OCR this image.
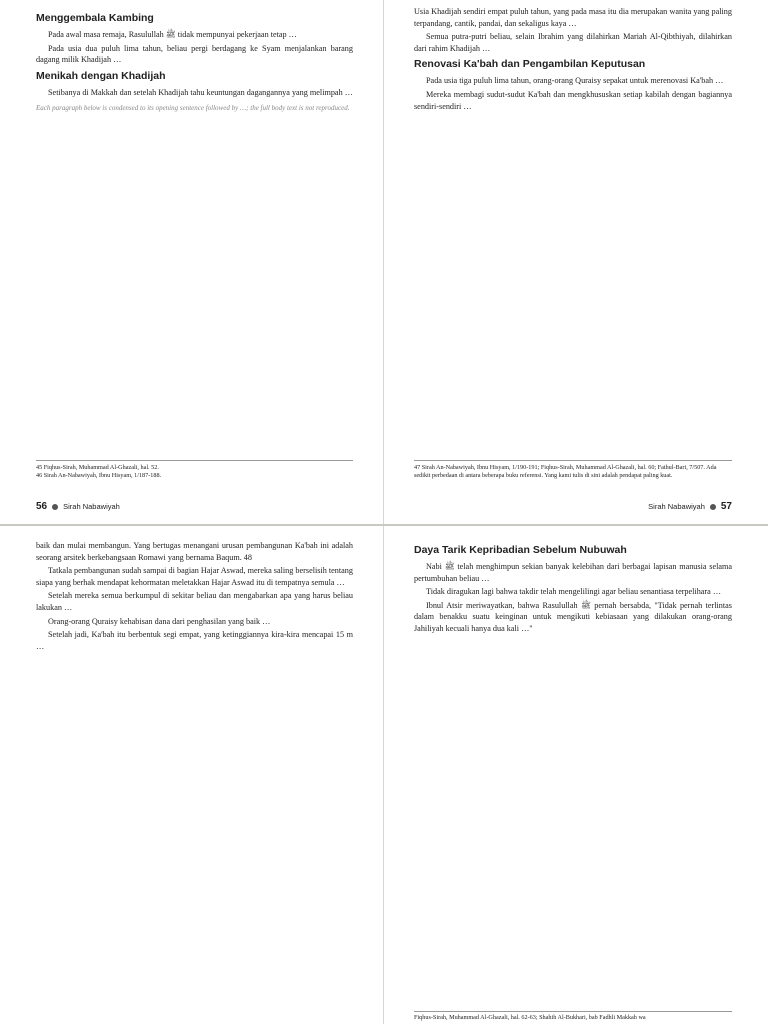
Menggembala Kambing

Pada awal masa remaja, Rasulullah ﷺ tidak mempunyai pekerjaan tetap …

Pada usia dua puluh lima tahun, beliau pergi berdagang ke Syam menjalankan barang dagang milik Khadijah …

Menikah dengan Khadijah

Setibanya di Makkah dan setelah Khadijah tahu keuntungan dagangannya yang melimpah …

Each paragraph below is condensed to its opening sentence followed by …; the full body text is not reproduced.

45 Fiqhus-Sirah, Muhammad Al-Ghazali, hal. 52.

46 Sirah An-Nabawiyah, Ibnu Hisyam, 1/187-188.

56 Sirah Nabawiyah

Usia Khadijah sendiri empat puluh tahun, yang pada masa itu dia merupakan wanita yang paling terpandang, cantik, pandai, dan sekaligus kaya …

Semua putra-putri beliau, selain Ibrahim yang dilahirkan Mariah Al-Qibthiyah, dilahirkan dari rahim Khadijah …

Renovasi Ka'bah dan Pengambilan Keputusan

Pada usia tiga puluh lima tahun, orang-orang Quraisy sepakat untuk merenovasi Ka'bah …

Mereka membagi sudut-sudut Ka'bah dan mengkhususkan setiap kabilah dengan bagiannya sendiri-sendiri …

47 Sirah An-Nabawiyah, Ibnu Hisyam, 1/190-191; Fiqhus-Sirah, Muhammad Al-Ghazali, hal. 60; Fathul-Bari, 7/507. Ada sedikit perbedaan di antara beberapa buku referensi. Yang kami tulis di sini adalah pendapat paling kuat.

Sirah Nabawiyah 57

baik dan mulai membangun. Yang bertugas menangani urusan pembangunan Ka'bah ini adalah seorang arsitek berkebangsaan Romawi yang bernama Baqum. 48

Tatkala pembangunan sudah sampai di bagian Hajar Aswad, mereka saling berselisih tentang siapa yang berhak mendapat kehormatan meletakkan Hajar Aswad itu di tempatnya semula …

Setelah mereka semua berkumpul di sekitar beliau dan mengabarkan apa yang harus beliau lakukan …

Orang-orang Quraisy kehabisan dana dari penghasilan yang baik …

Setelah jadi, Ka'bah itu berbentuk segi empat, yang ketinggiannya kira-kira mencapai 15 m …

Daya Tarik Kepribadian Sebelum Nubuwah

Nabi ﷺ telah menghimpun sekian banyak kelebihan dari berbagai lapisan manusia selama pertumbuhan beliau …

Tidak diragukan lagi bahwa takdir telah mengelilingi agar beliau senantiasa terpelihara …

Ibnul Atsir meriwayatkan, bahwa Rasulullah ﷺ pernah bersabda, "Tidak pernah terlintas dalam benakku suatu keinginan untuk mengikuti kebiasaan yang dilakukan orang-orang Jahiliyah kecuali hanya dua kali …"

Fiqhus-Sirah, Muhammad Al-Ghazali, hal. 62-63; Shahih Al-Bukhari, bab Fadhli Makkah wa
